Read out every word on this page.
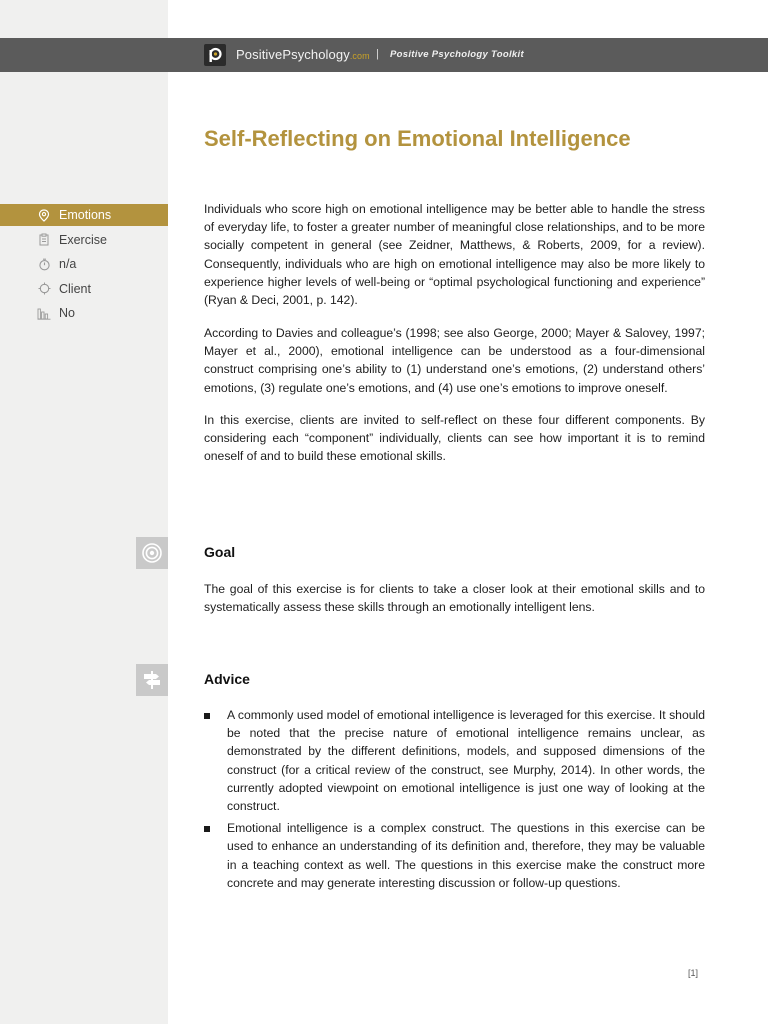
PositivePsychology.com | Positive Psychology Toolkit
Self-Reflecting on Emotional Intelligence
Emotions
Exercise
n/a
Client
No

Individuals who score high on emotional intelligence may be better able to handle the stress of everyday life, to foster a greater number of meaningful close relationships, and to be more socially competent in general (see Zeidner, Matthews, & Roberts, 2009, for a review). Consequently, individuals who are high on emotional intelligence may also be more likely to experience higher levels of well-being or “optimal psychological functioning and experience” (Ryan & Deci, 2001, p. 142).

According to Davies and colleague’s (1998; see also George, 2000; Mayer & Salovey, 1997; Mayer et al., 2000), emotional intelligence can be understood as a four-dimensional construct comprising one’s ability to (1) understand one’s emotions, (2) understand others’ emotions, (3) regulate one’s emotions, and (4) use one’s emotions to improve oneself.

In this exercise, clients are invited to self-reflect on these four different components. By considering each “component” individually, clients can see how important it is to remind oneself of and to build these emotional skills.

Goal

The goal of this exercise is for clients to take a closer look at their emotional skills and to systematically assess these skills through an emotionally intelligent lens.

Advice
A commonly used model of emotional intelligence is leveraged for this exercise. It should be noted that the precise nature of emotional intelligence remains unclear, as demonstrated by the different definitions, models, and supposed dimensions of the construct (for a critical review of the construct, see Murphy, 2014). In other words, the currently adopted viewpoint on emotional intelligence is just one way of looking at the construct.
Emotional intelligence is a complex construct. The questions in this exercise can be used to enhance an understanding of its definition and, therefore, they may be valuable in a teaching context as well. The questions in this exercise make the construct more concrete and may generate interesting discussion or follow-up questions.
[1]
